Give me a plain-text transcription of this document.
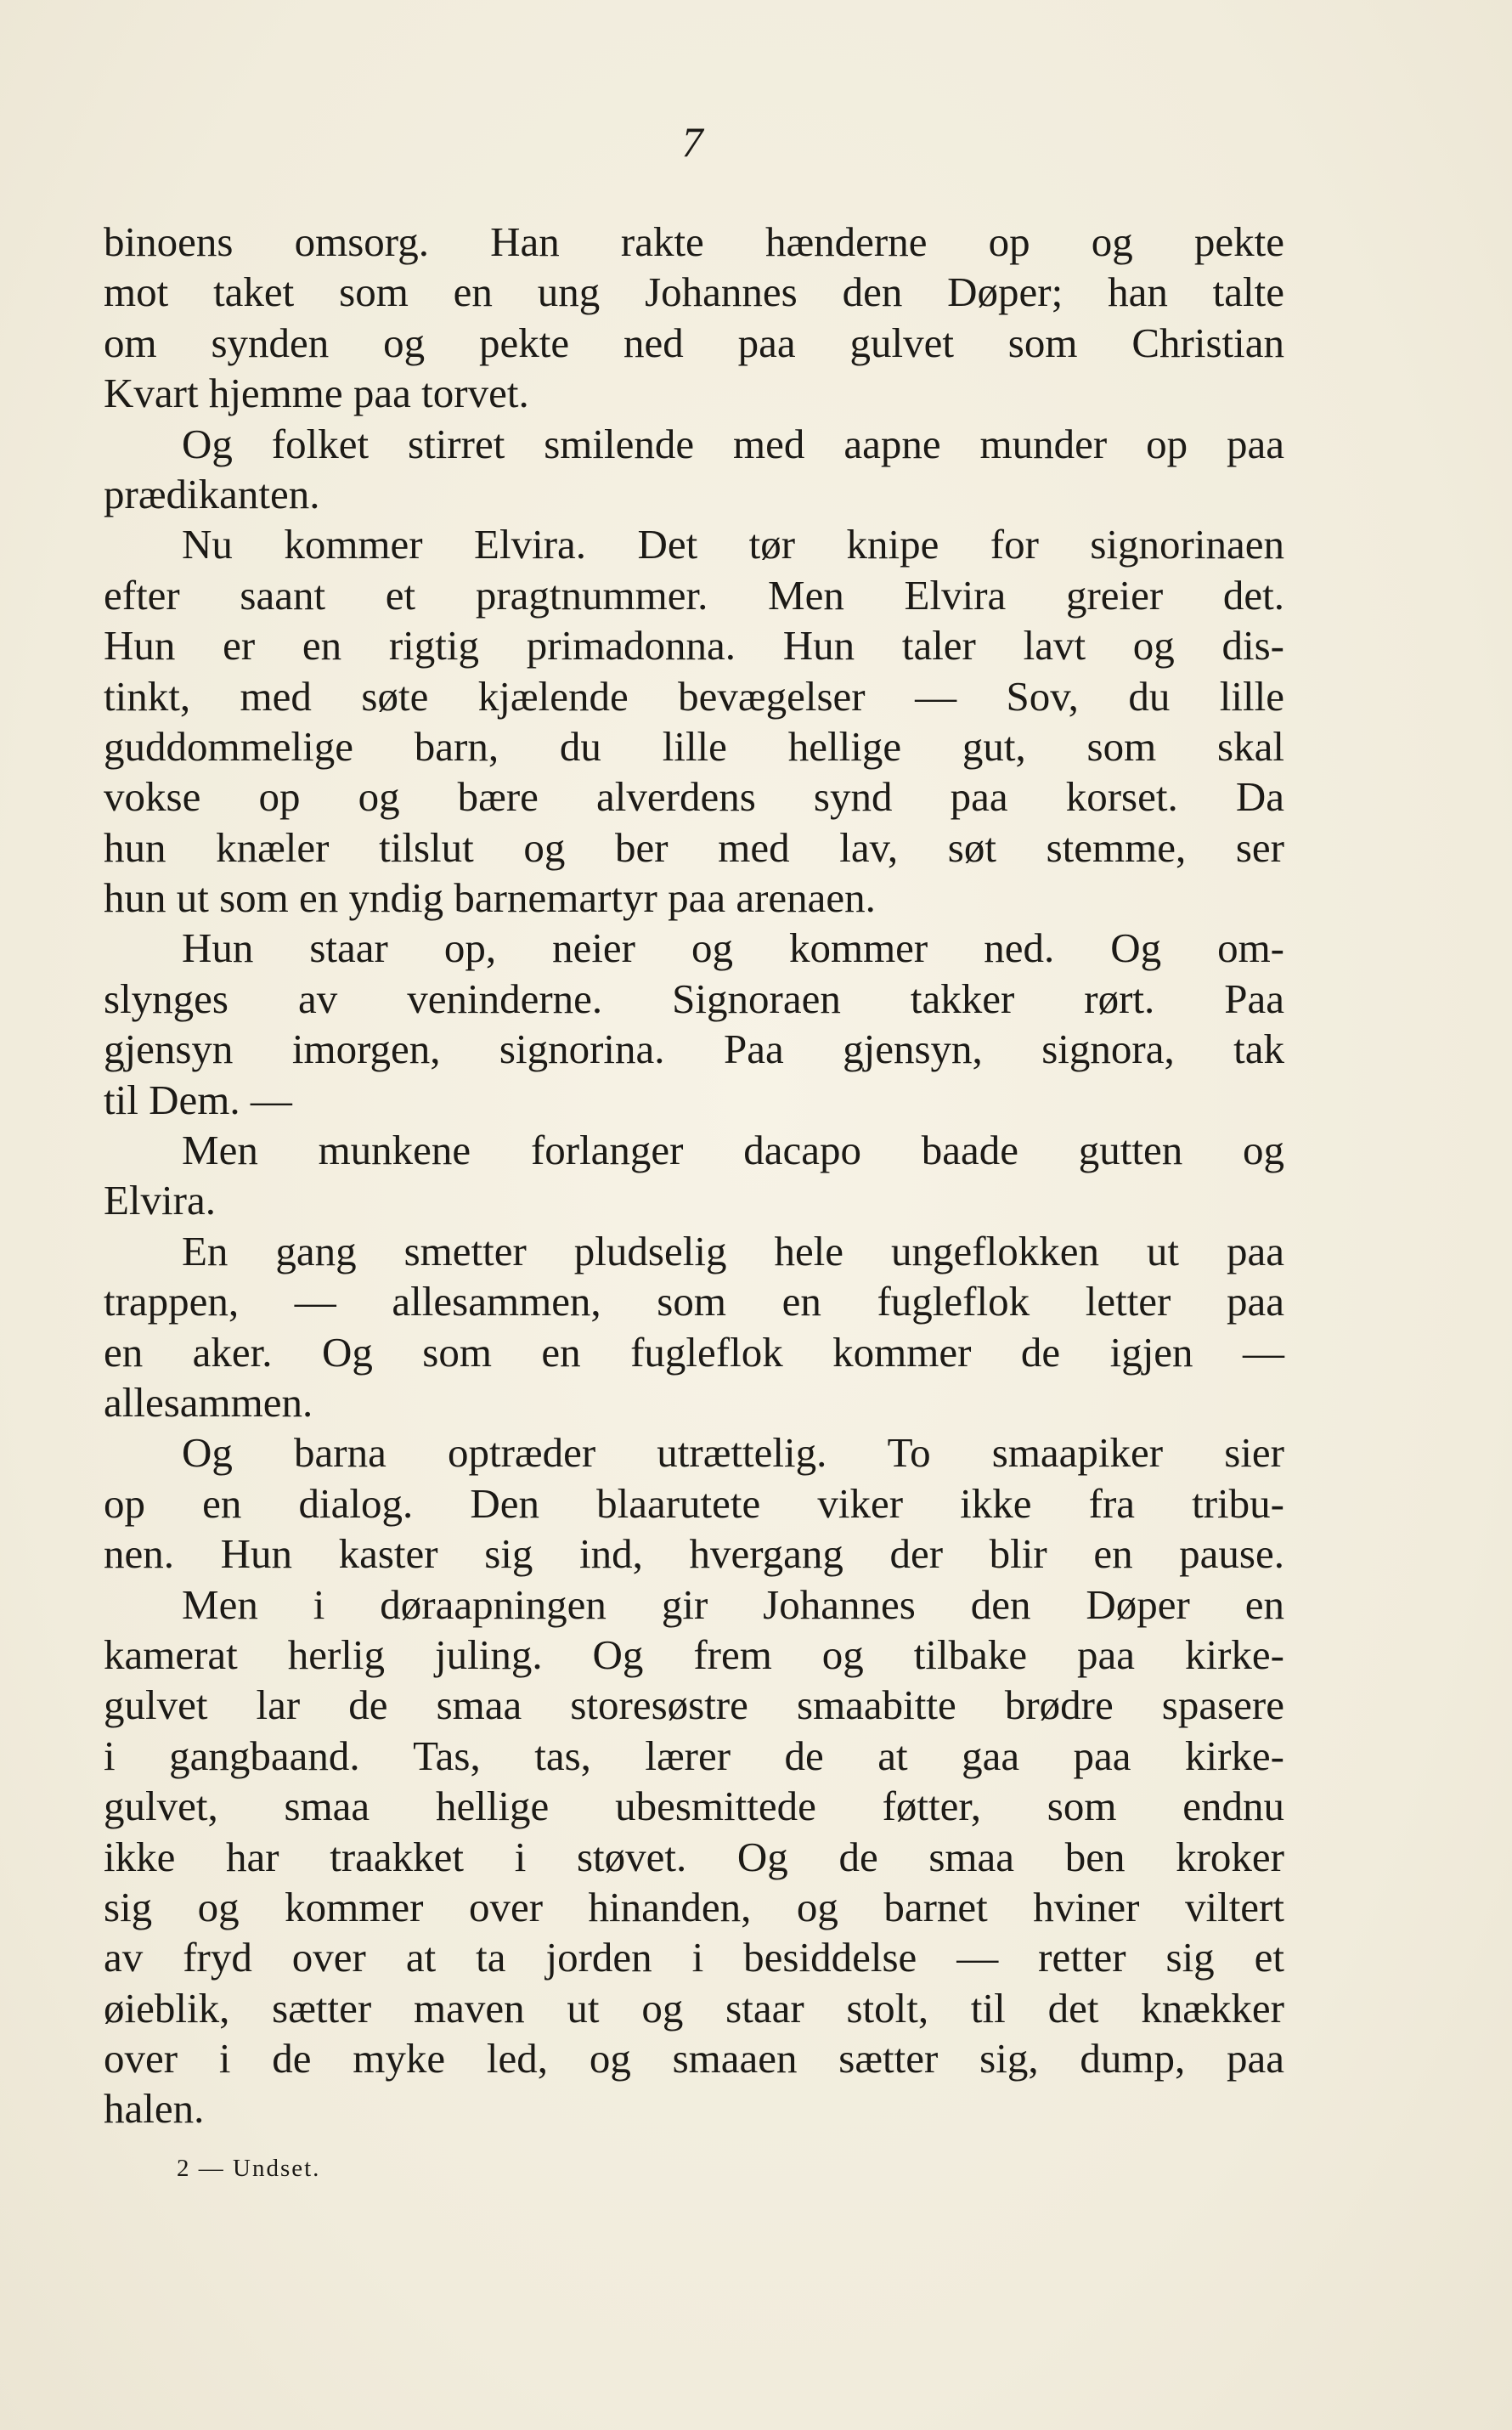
7
binoens omsorg. Han rakte hænderne op og pekte
mot taket som en ung Johannes den Døper; han talte
om synden og pekte ned paa gulvet som Christian
Kvart hjemme paa torvet.
Og folket stirret smilende med aapne munder op paa
prædikanten.
Nu kommer Elvira. Det tør knipe for signorinaen
efter saant et pragtnummer. Men Elvira greier det.
Hun er en rigtig primadonna. Hun taler lavt og dis-
tinkt, med søte kjælende bevægelser — Sov, du lille
guddommelige barn, du lille hellige gut, som skal
vokse op og bære alverdens synd paa korset. Da
hun knæler tilslut og ber med lav, søt stemme, ser
hun ut som en yndig barnemartyr paa arenaen.
Hun staar op, neier og kommer ned. Og om-
slynges av veninderne. Signoraen takker rørt. Paa
gjensyn imorgen, signorina. Paa gjensyn, signora, tak
til Dem. —
Men munkene forlanger dacapo baade gutten og
Elvira.
En gang smetter pludselig hele ungeflokken ut paa
trappen, — allesammen, som en fugleflok letter paa
en aker. Og som en fugleflok kommer de igjen —
allesammen.
Og barna optræder utrættelig. To smaapiker sier
op en dialog. Den blaarutete viker ikke fra tribu-
nen. Hun kaster sig ind, hvergang der blir en pause.
Men i døraapningen gir Johannes den Døper en
kamerat herlig juling. Og frem og tilbake paa kirke-
gulvet lar de smaa storesøstre smaabitte brødre spasere
i gangbaand. Tas, tas, lærer de at gaa paa kirke-
gulvet, smaa hellige ubesmittede føtter, som endnu
ikke har traakket i støvet. Og de smaa ben kroker
sig og kommer over hinanden, og barnet hviner viltert
av fryd over at ta jorden i besiddelse — retter sig et
øieblik, sætter maven ut og staar stolt, til det knækker
over i de myke led, og smaaen sætter sig, dump, paa
halen.
2 — Undset.
